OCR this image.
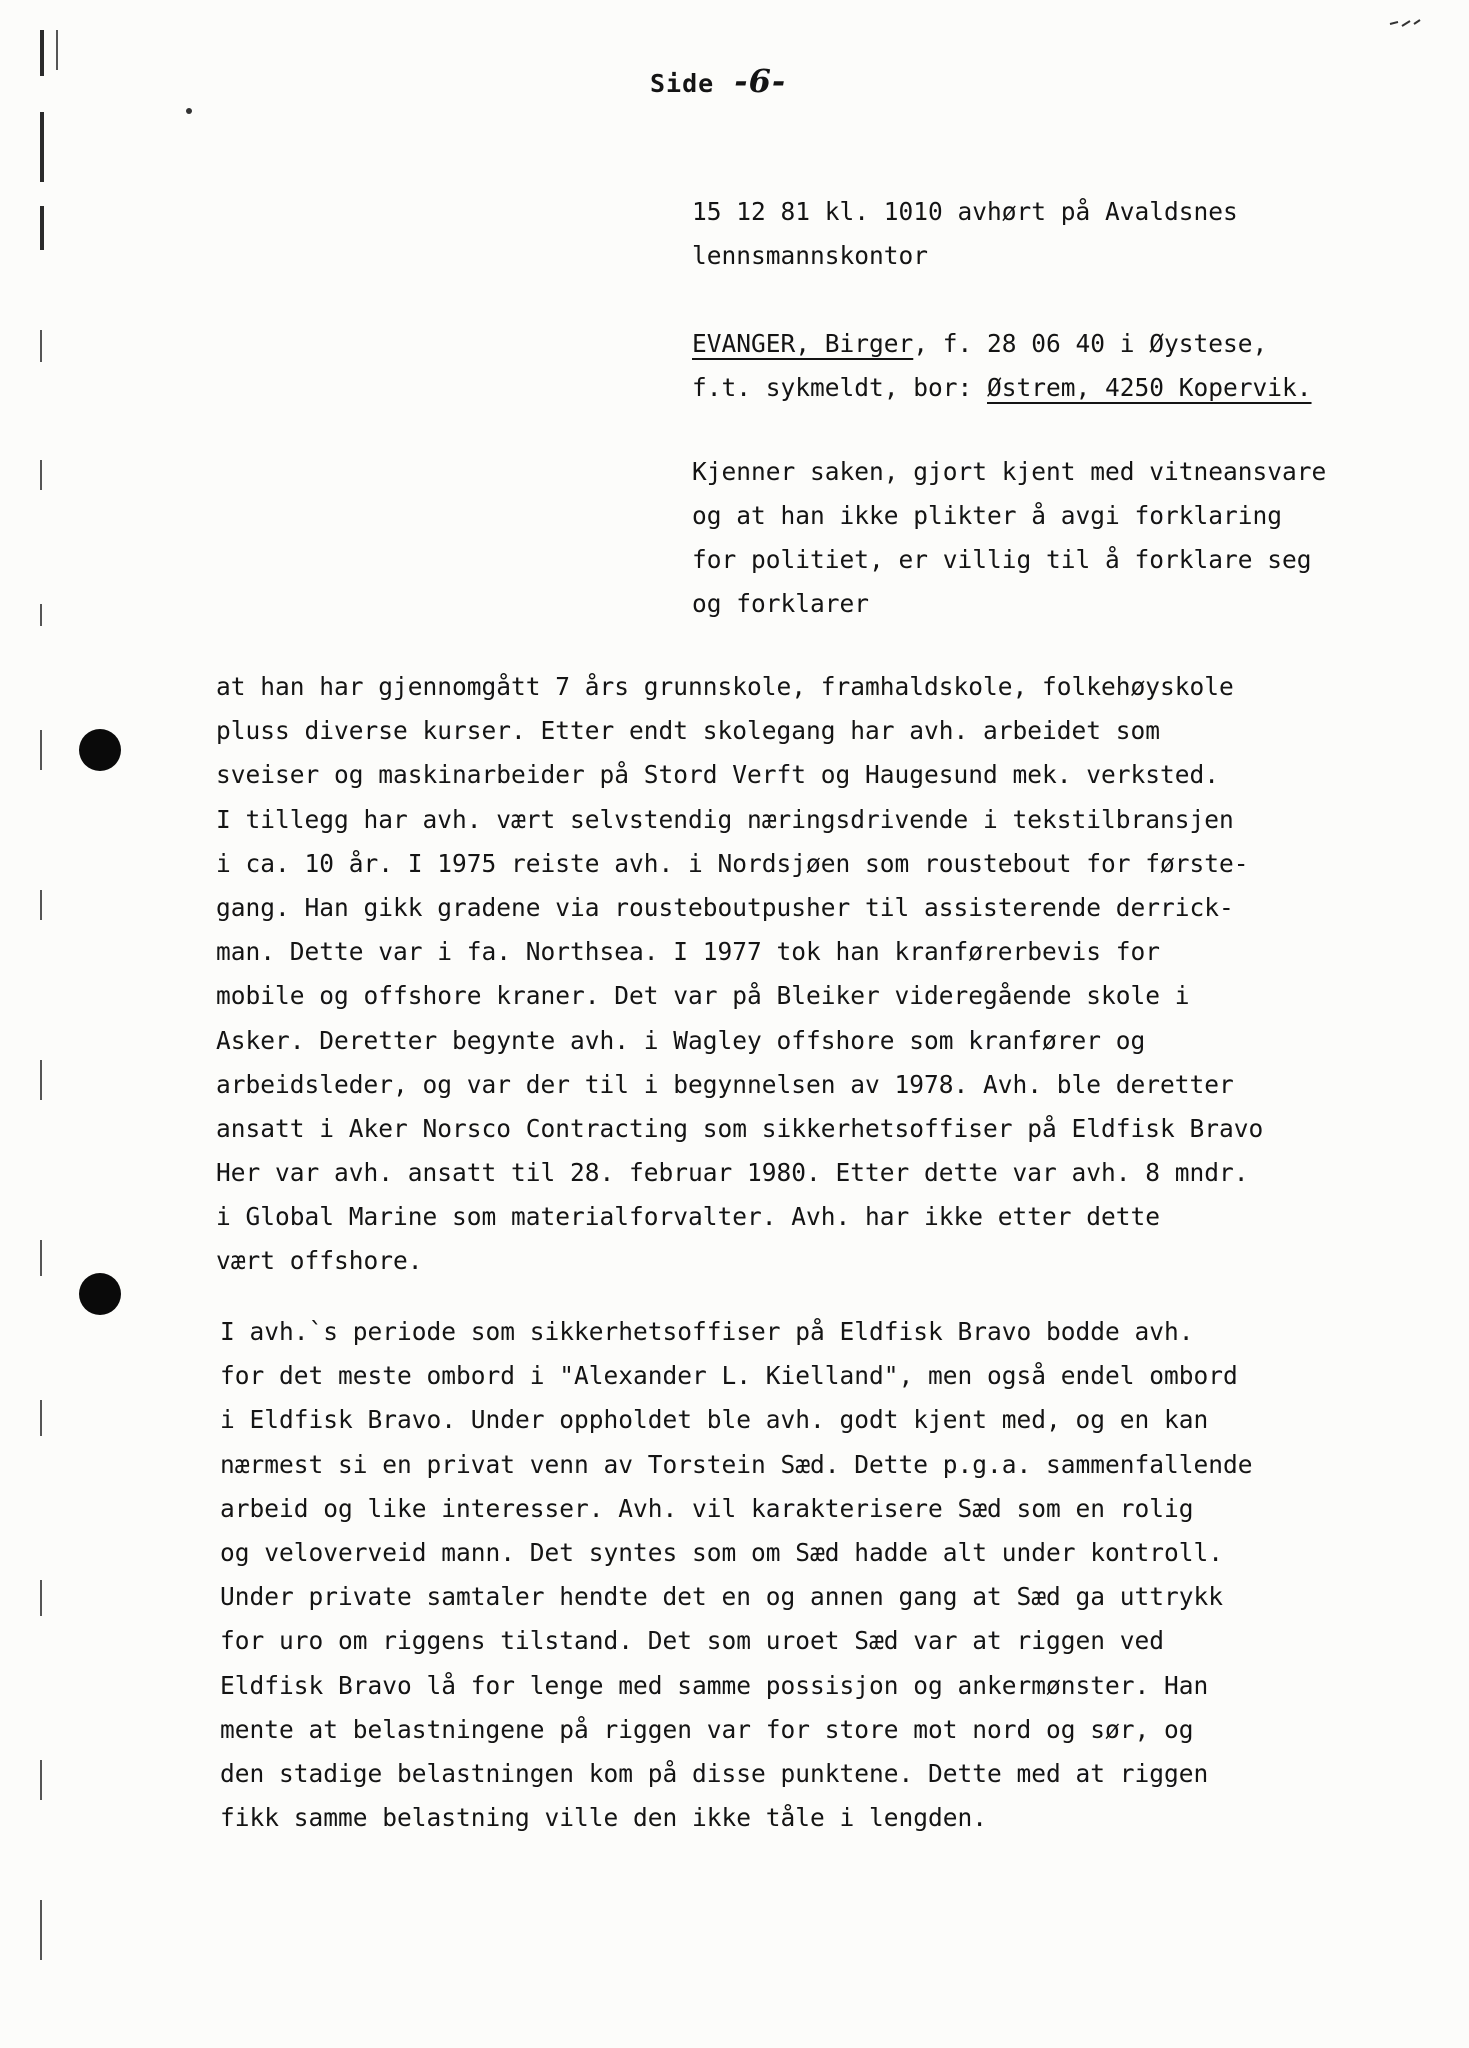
Side -6-
15 12 81 kl. 1010 avhørt på Avaldsnes
lennsmannskontor
EVANGER, Birger, f. 28 06 40 i Øystese,
f.t. sykmeldt, bor: Østrem, 4250 Kopervik.
Kjenner saken, gjort kjent med vitneansvare
og at han ikke plikter å avgi forklaring
for politiet, er villig til å forklare seg
og forklarer
at han har gjennomgått 7 års grunnskole, framhaldskole, folkehøyskole
pluss diverse kurser. Etter endt skolegang har avh. arbeidet som
sveiser og maskinarbeider på Stord Verft og Haugesund mek. verksted.
I tillegg har avh. vært selvstendig næringsdrivende i tekstilbransjen
i ca. 10 år. I 1975 reiste avh. i Nordsjøen som roustebout for første-
gang. Han gikk gradene via rousteboutpusher til assisterende derrick-
man. Dette var i fa. Northsea. I 1977 tok han kranførerbevis for
mobile og offshore kraner. Det var på Bleiker videregående skole i
Asker. Deretter begynte avh. i Wagley offshore som kranfører og
arbeidsleder, og var der til i begynnelsen av 1978. Avh. ble deretter
ansatt i Aker Norsco Contracting som sikkerhetsoffiser på Eldfisk Bravo
Her var avh. ansatt til 28. februar 1980. Etter dette var avh. 8 mndr.
i Global Marine som materialforvalter. Avh. har ikke etter dette
vært offshore.
I avh.`s periode som sikkerhetsoffiser på Eldfisk Bravo bodde avh.
for det meste ombord i "Alexander L. Kielland", men også endel ombord
i Eldfisk Bravo. Under oppholdet ble avh. godt kjent med, og en kan
nærmest si en privat venn av Torstein Sæd. Dette p.g.a. sammenfallende
arbeid og like interesser. Avh. vil karakterisere Sæd som en rolig
og veloverveid mann. Det syntes som om Sæd hadde alt under kontroll.
Under private samtaler hendte det en og annen gang at Sæd ga uttrykk
for uro om riggens tilstand. Det som uroet Sæd var at riggen ved
Eldfisk Bravo lå for lenge med samme possisjon og ankermønster. Han
mente at belastningene på riggen var for store mot nord og sør, og
den stadige belastningen kom på disse punktene. Dette med at riggen
fikk samme belastning ville den ikke tåle i lengden.
